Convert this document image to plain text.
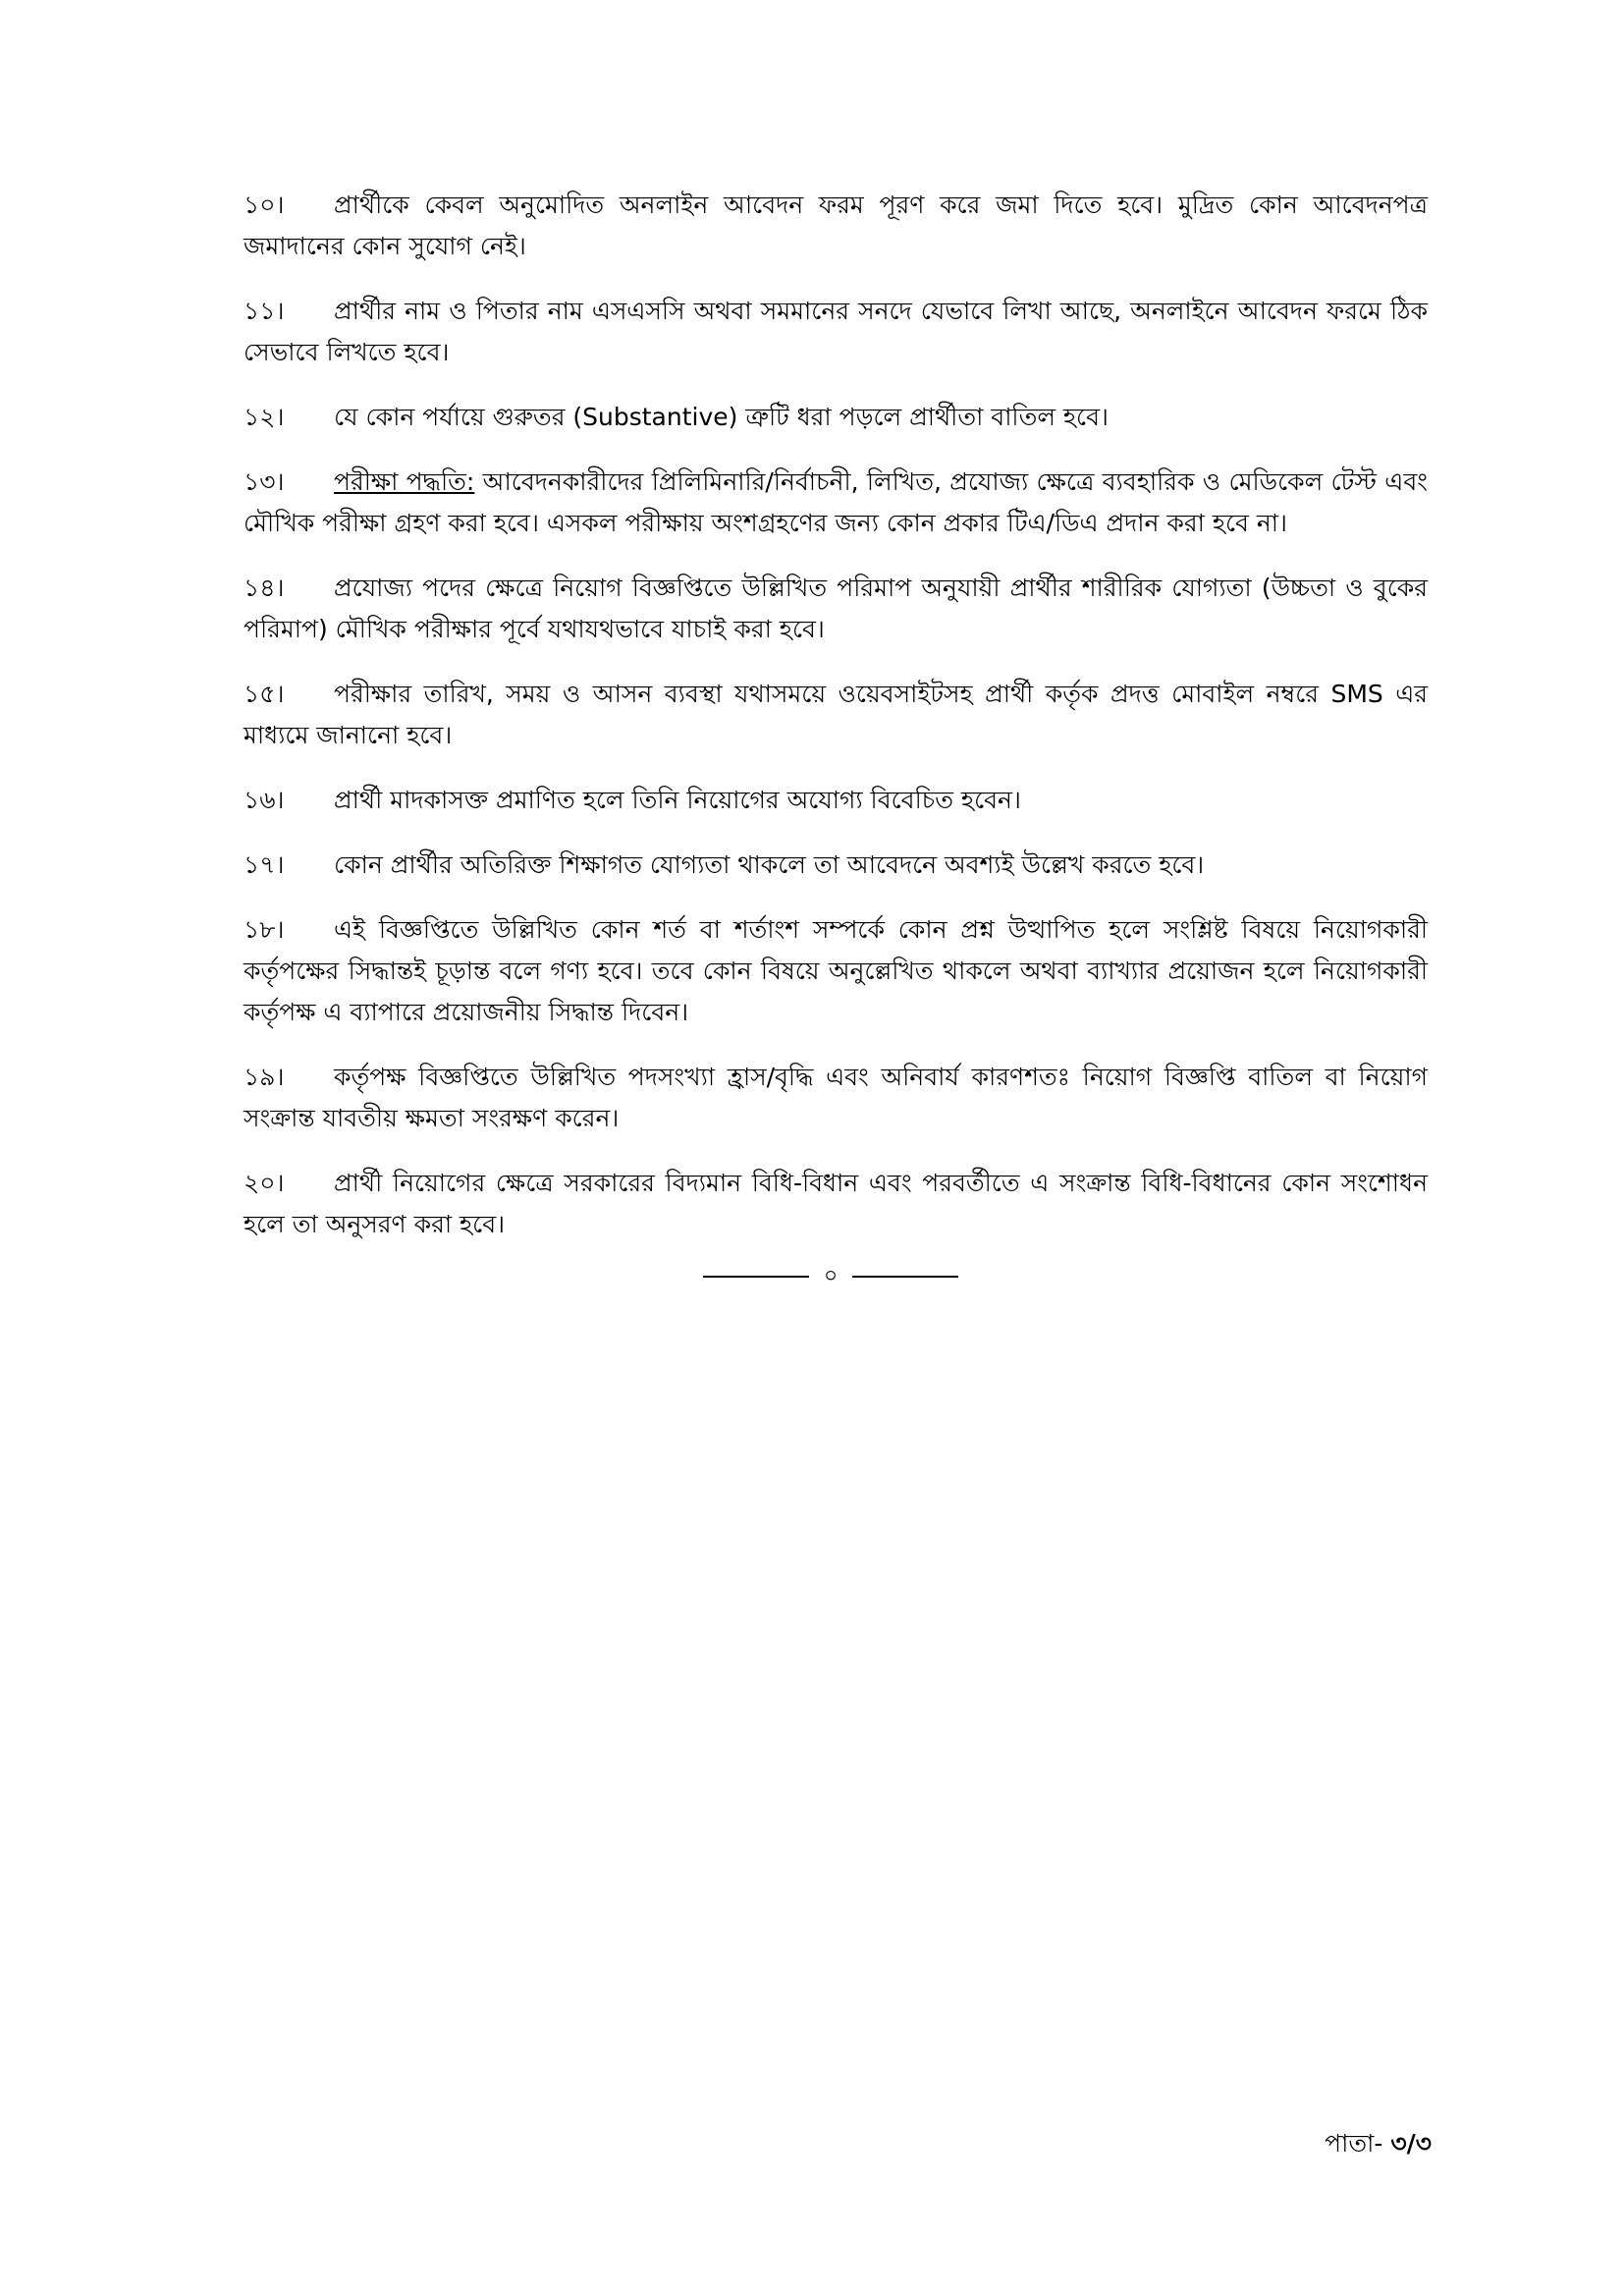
১০। প্রার্থীকে কেবল অনুমোদিত অনলাইন আবেদন ফরম পূরণ করে জমা দিতে হবে। মুদ্রিত কোন আবেদনপত্র জমাদানের কোন সুযোগ নেই।

১১। প্রার্থীর নাম ও পিতার নাম এসএসসি অথবা সমমানের সনদে যেভাবে লিখা আছে, অনলাইনে আবেদন ফরমে ঠিক সেভাবে লিখতে হবে।

১২। যে কোন পর্যায়ে গুরুতর (Substantive) ত্রুটি ধরা পড়লে প্রার্থীতা বাতিল হবে।

১৩। পরীক্ষা পদ্ধতি: আবেদনকারীদের প্রিলিমিনারি/নির্বাচনী, লিখিত, প্রযোজ্য ক্ষেত্রে ব্যবহারিক ও মেডিকেল টেস্ট এবং মৌখিক পরীক্ষা গ্রহণ করা হবে। এসকল পরীক্ষায় অংশগ্রহণের জন্য কোন প্রকার টিএ/ডিএ প্রদান করা হবে না।

১৪। প্রযোজ্য পদের ক্ষেত্রে নিয়োগ বিজ্ঞপ্তিতে উল্লিখিত পরিমাপ অনুযায়ী প্রার্থীর শারীরিক যোগ্যতা (উচ্চতা ও বুকের পরিমাপ) মৌখিক পরীক্ষার পূর্বে যথাযথভাবে যাচাই করা হবে।

১৫। পরীক্ষার তারিখ, সময় ও আসন ব্যবস্থা যথাসময়ে ওয়েবসাইটসহ প্রার্থী কর্তৃক প্রদত্ত মোবাইল নম্বরে SMS এর মাধ্যমে জানানো হবে।

১৬। প্রার্থী মাদকাসক্ত প্রমাণিত হলে তিনি নিয়োগের অযোগ্য বিবেচিত হবেন।

১৭। কোন প্রার্থীর অতিরিক্ত শিক্ষাগত যোগ্যতা থাকলে তা আবেদনে অবশ্যই উল্লেখ করতে হবে।

১৮। এই বিজ্ঞপ্তিতে উল্লিখিত কোন শর্ত বা শর্তাংশ সম্পর্কে কোন প্রশ্ন উত্থাপিত হলে সংশ্লিষ্ট বিষয়ে নিয়োগকারী কর্তৃপক্ষের সিদ্ধান্তই চূড়ান্ত বলে গণ্য হবে। তবে কোন বিষয়ে অনুল্লেখিত থাকলে অথবা ব্যাখ্যার প্রয়োজন হলে নিয়োগকারী কর্তৃপক্ষ এ ব্যাপারে প্রয়োজনীয় সিদ্ধান্ত দিবেন।

১৯। কর্তৃপক্ষ বিজ্ঞপ্তিতে উল্লিখিত পদসংখ্যা হ্রাস/বৃদ্ধি এবং অনিবার্য কারণশতঃ নিয়োগ বিজ্ঞপ্তি বাতিল বা নিয়োগ সংক্রান্ত যাবতীয় ক্ষমতা সংরক্ষণ করেন।

২০। প্রার্থী নিয়োগের ক্ষেত্রে সরকারের বিদ্যমান বিধি-বিধান এবং পরবর্তীতে এ সংক্রান্ত বিধি-বিধানের কোন সংশোধন হলে তা অনুসরণ করা হবে।

০
পাতা- ৩/৩
